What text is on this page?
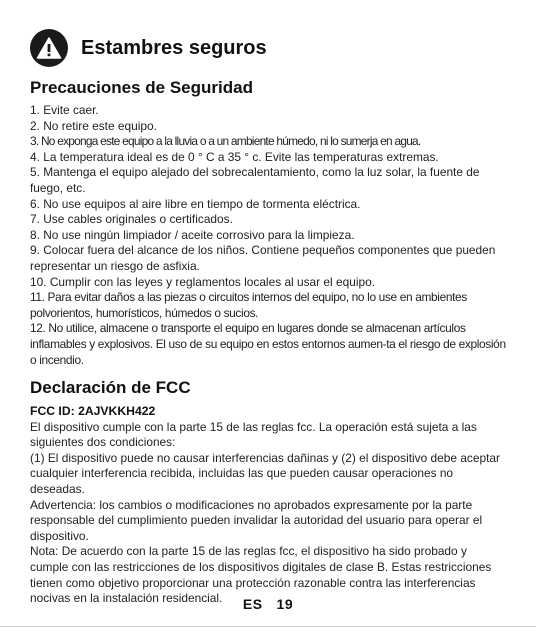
Estambres seguros
Precauciones de Seguridad
1. Evite caer.
2. No retire este equipo.
3. No exponga este equipo a la lluvia o a un ambiente húmedo, ni lo sumerja en agua.
4. La temperatura ideal es de 0 ° C a 35 ° c. Evite las temperaturas extremas.
5. Mantenga el equipo alejado del sobrecalentamiento, como la luz solar, la fuente de fuego, etc.
6. No use equipos al aire libre en tiempo de tormenta eléctrica.
7. Use cables originales o certificados.
8. No use ningún limpiador / aceite corrosivo para la limpieza.
9. Colocar fuera del alcance de los niños. Contiene pequeños componentes que pueden representar un riesgo de asfixia.
10. Cumplir con las leyes y reglamentos locales al usar el equipo.
11. Para evitar daños a las piezas o circuitos internos del equipo, no lo use en ambientes polvorientos, humorísticos, húmedos o sucios.
12. No utilice, almacene o transporte el equipo en lugares donde se almacenan artículos inflamables y explosivos. El uso de su equipo en estos entornos aumen-ta el riesgo de explosión o incendio.
Declaración de FCC
FCC ID: 2AJVKKH422
El dispositivo cumple con la parte 15 de las reglas fcc. La operación está sujeta a las siguientes dos condiciones:
(1) El dispositivo puede no causar interferencias dañinas y (2) el dispositivo debe aceptar cualquier interferencia recibida, incluidas las que pueden causar operaciones no deseadas.
Advertencia: los cambios o modificaciones no aprobados expresamente por la parte responsable del cumplimiento pueden invalidar la autoridad del usuario para operar el dispositivo.
Nota: De acuerdo con la parte 15 de las reglas fcc, el dispositivo ha sido probado y cumple con las restricciones de los dispositivos digitales de clase B. Estas restricciones tienen como objetivo proporcionar una protección razonable contra las interferencias nocivas en la instalación residencial.	ES 19
